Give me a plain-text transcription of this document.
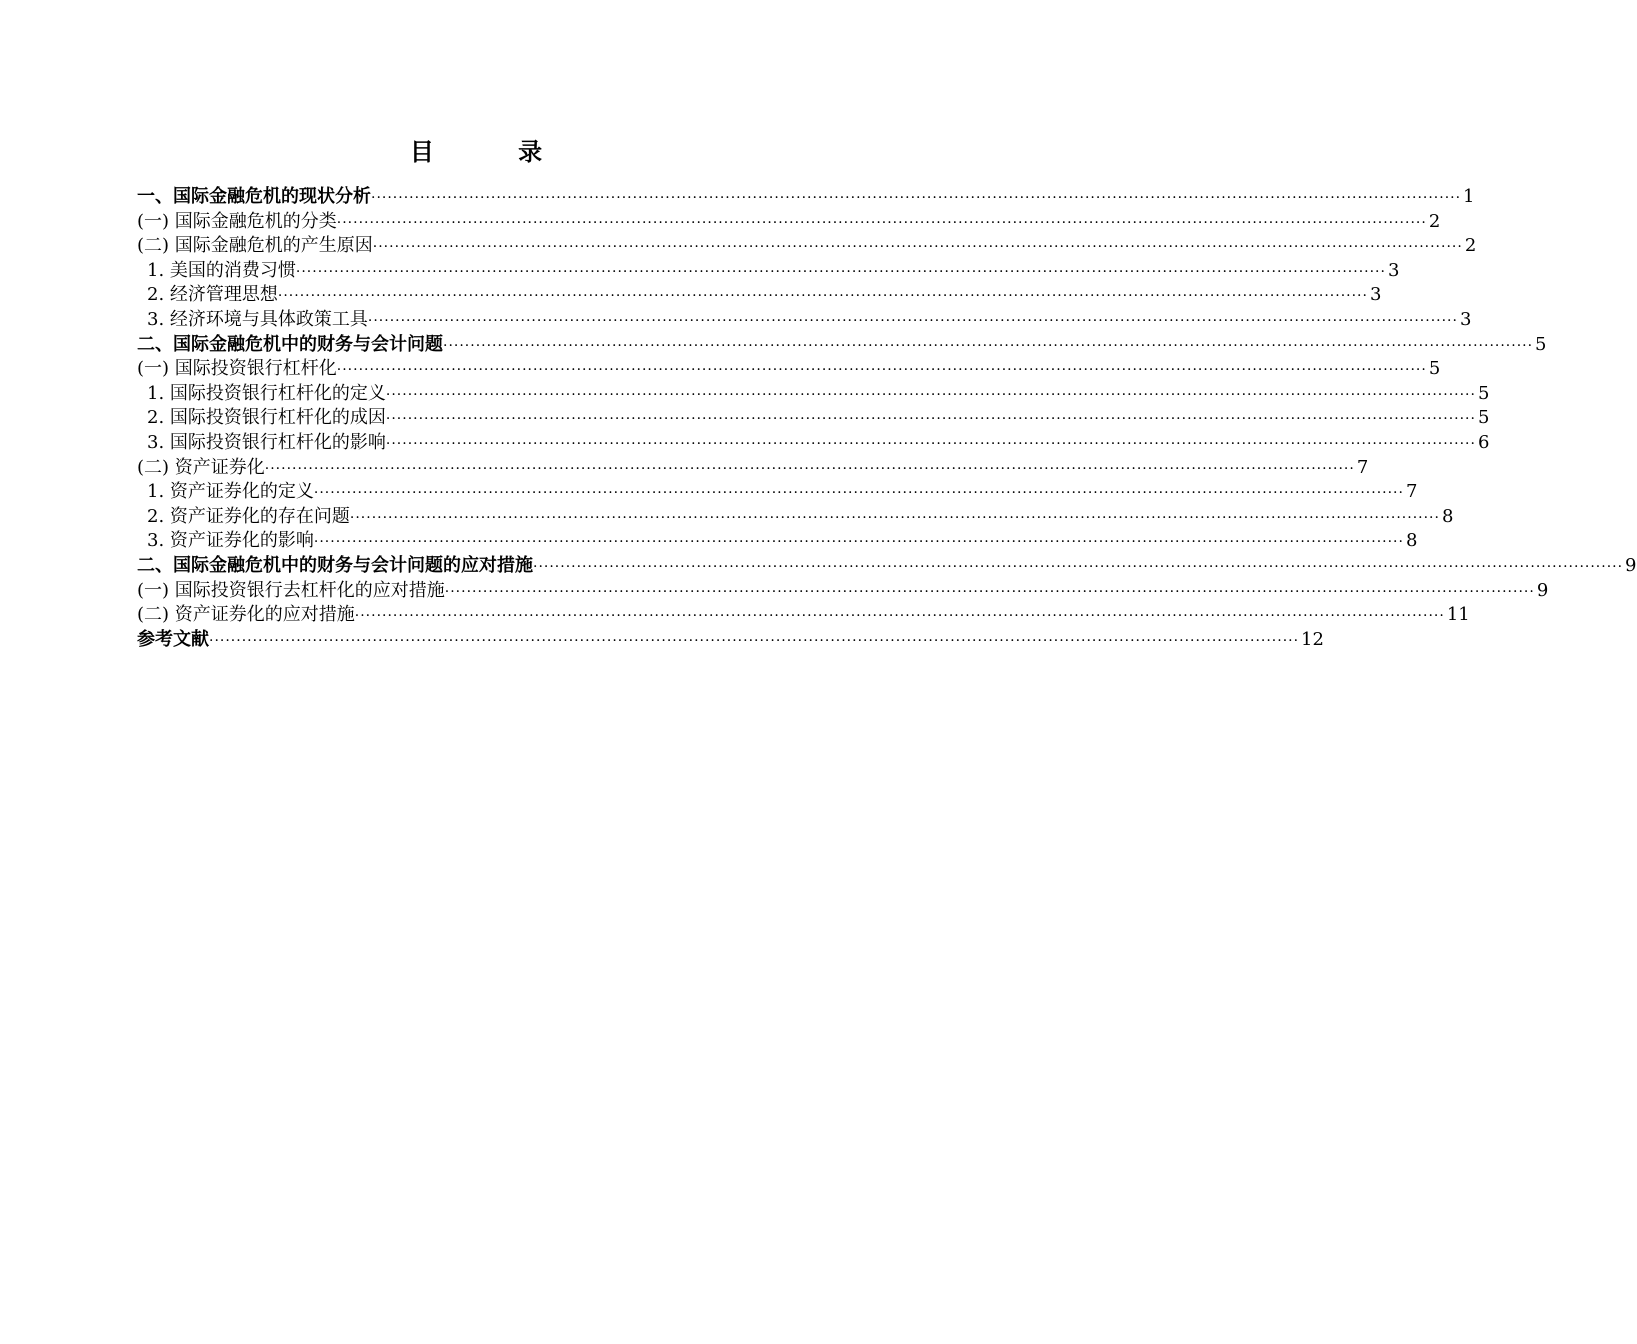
目 录
一、国际金融危机的现状分析 ········································································································································································································ 1
(一) 国际金融危机的分类 ········································································································································································································ 2
(二) 国际金融危机的产生原因 ········································································································································································································ 2
1. 美国的消费习惯 ········································································································································································································ 3
2. 经济管理思想 ········································································································································································································ 3
3. 经济环境与具体政策工具 ········································································································································································································ 3
二、国际金融危机中的财务与会计问题 ········································································································································································································ 5
(一) 国际投资银行杠杆化 ········································································································································································································ 5
1. 国际投资银行杠杆化的定义 ········································································································································································································ 5
2. 国际投资银行杠杆化的成因 ········································································································································································································ 5
3. 国际投资银行杠杆化的影响 ········································································································································································································ 6
(二) 资产证券化 ········································································································································································································ 7
1. 资产证券化的定义 ········································································································································································································ 7
2. 资产证券化的存在问题 ········································································································································································································ 8
3. 资产证券化的影响 ········································································································································································································ 8
二、国际金融危机中的财务与会计问题的应对措施 ········································································································································································································ 9
(一) 国际投资银行去杠杆化的应对措施 ········································································································································································································ 9
(二) 资产证券化的应对措施 ········································································································································································································ 11
参考文献 ········································································································································································································ 12
